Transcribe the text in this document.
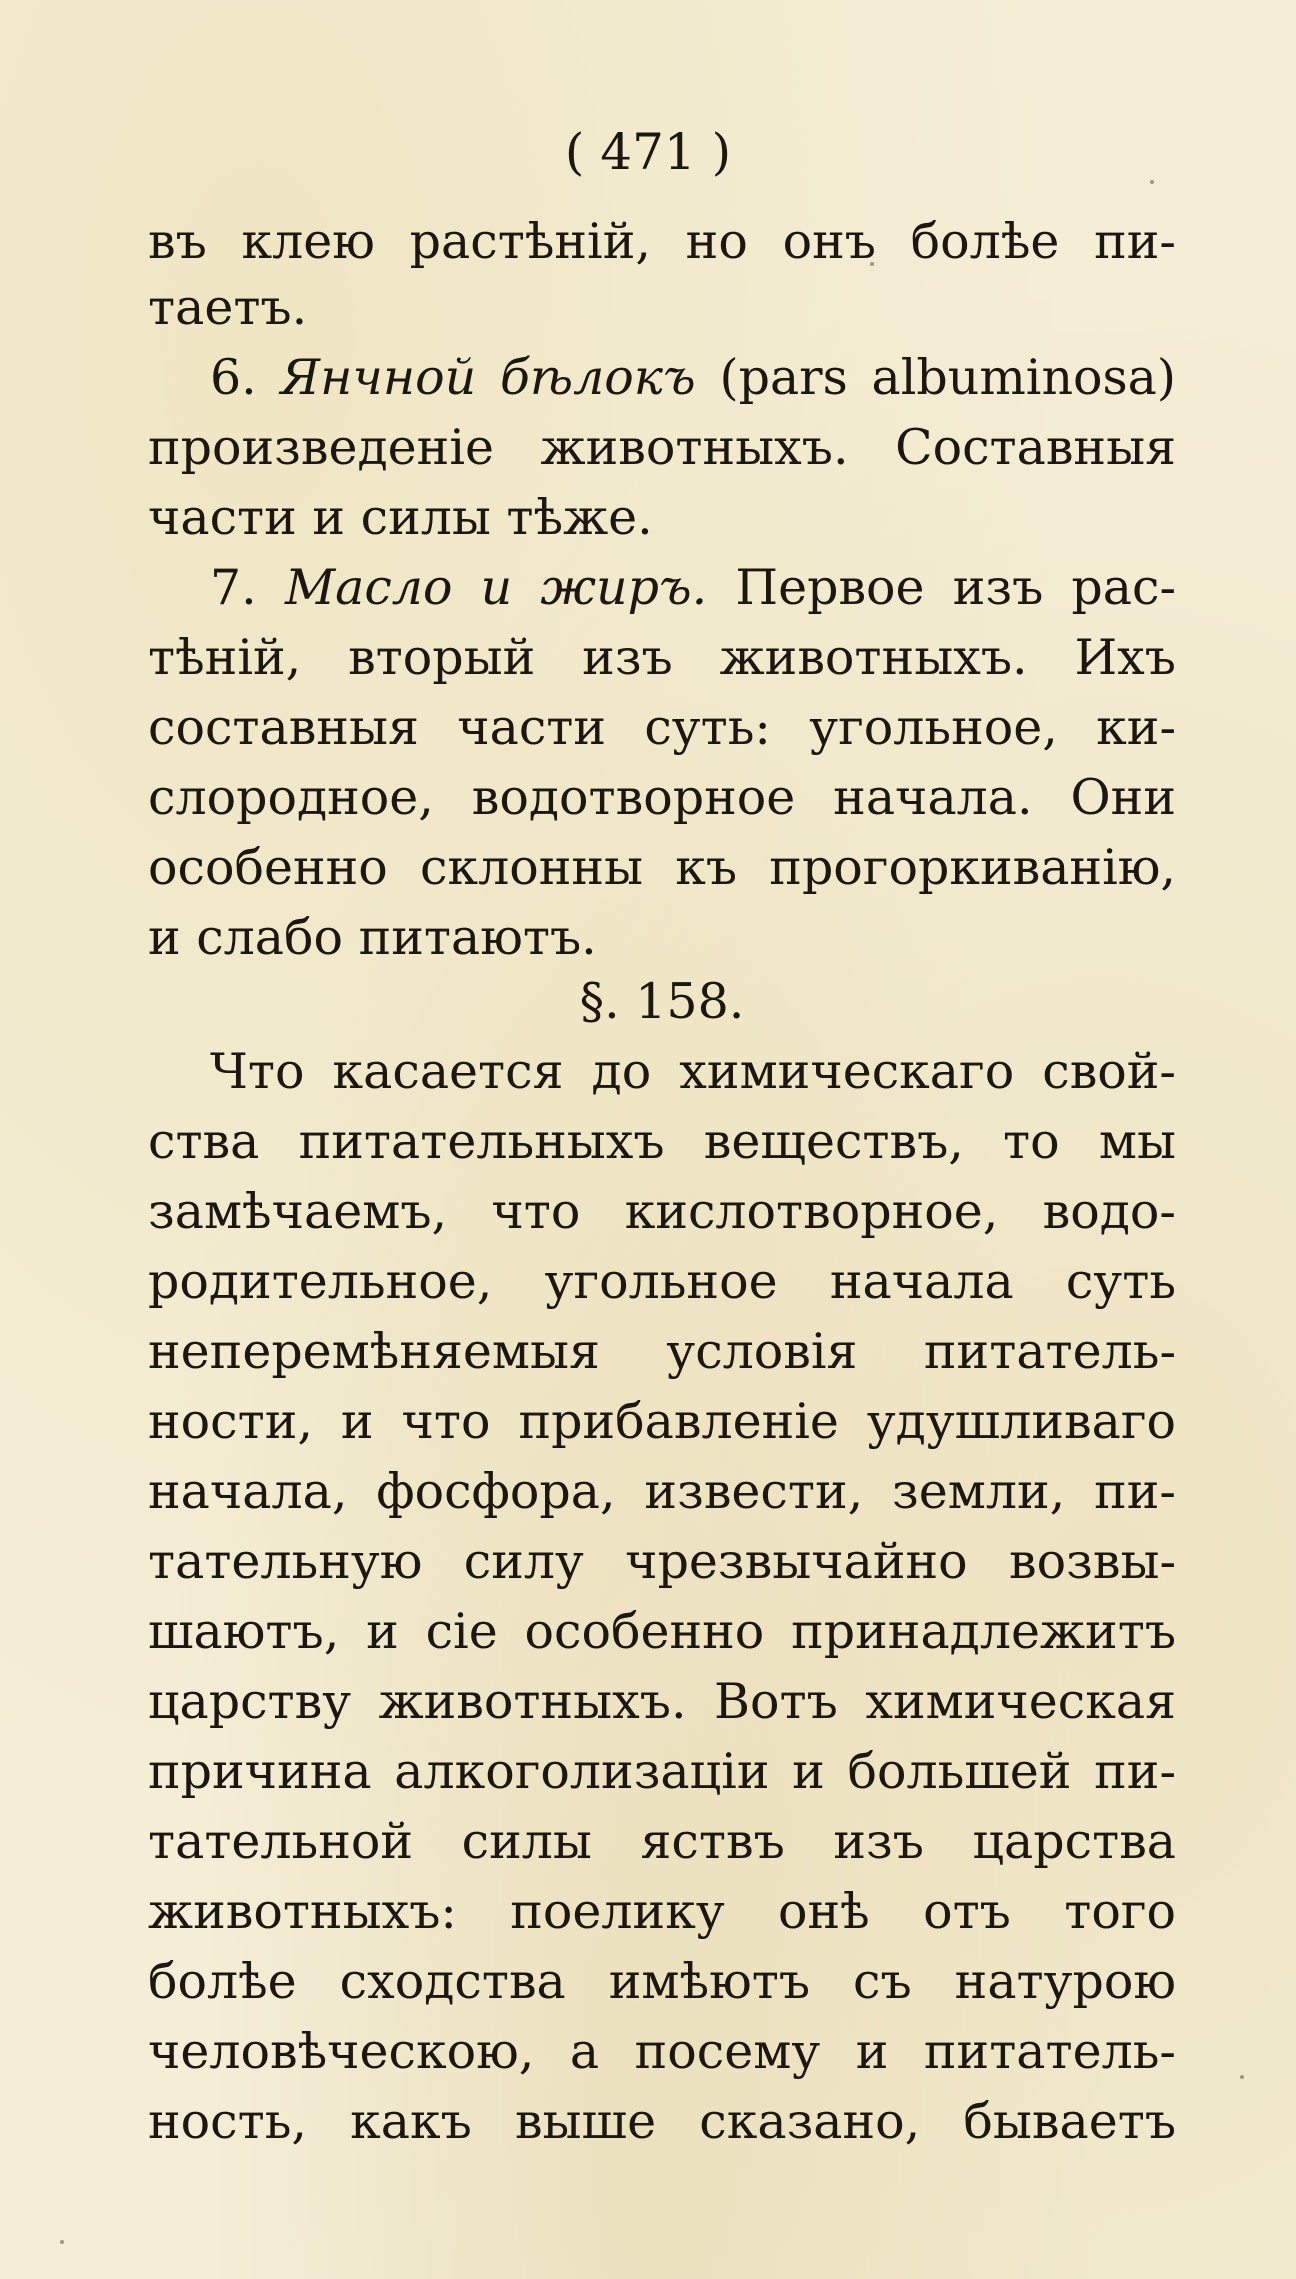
( 471 )
въ клею растѣній, но онъ болѣе пи-
таетъ.
6. Янчной бѣлокъ (pars albuminosa)
произведеніе животныхъ. Составныя
части и силы тѣже.
7. Масло и жиръ. Первое изъ рас-
тѣній, вторый изъ животныхъ. Ихъ
составныя части суть: угольное, ки-
слородное, водотворное начала. Они
особенно склонны къ прогоркиванію,
и слабо питаютъ.
§. 158.
Что касается до химическаго свой-
ства питательныхъ веществъ, то мы
замѣчаемъ, что кислотворное, водо-
родительное, угольное начала суть
неперемѣняемыя условія питатель-
ности, и что прибавленіе удушливаго
начала, фосфора, извести, земли, пи-
тательную силу чрезвычайно возвы-
шаютъ, и сіе особенно принадлежитъ
царству животныхъ. Вотъ химическая
причина алкоголизаціи и большей пи-
тательной силы яствъ изъ царства
животныхъ: поелику онѣ отъ того
болѣе сходства имѣютъ съ натурою
человѣческою, а посему и питатель-
ность, какъ выше сказано, бываетъ
